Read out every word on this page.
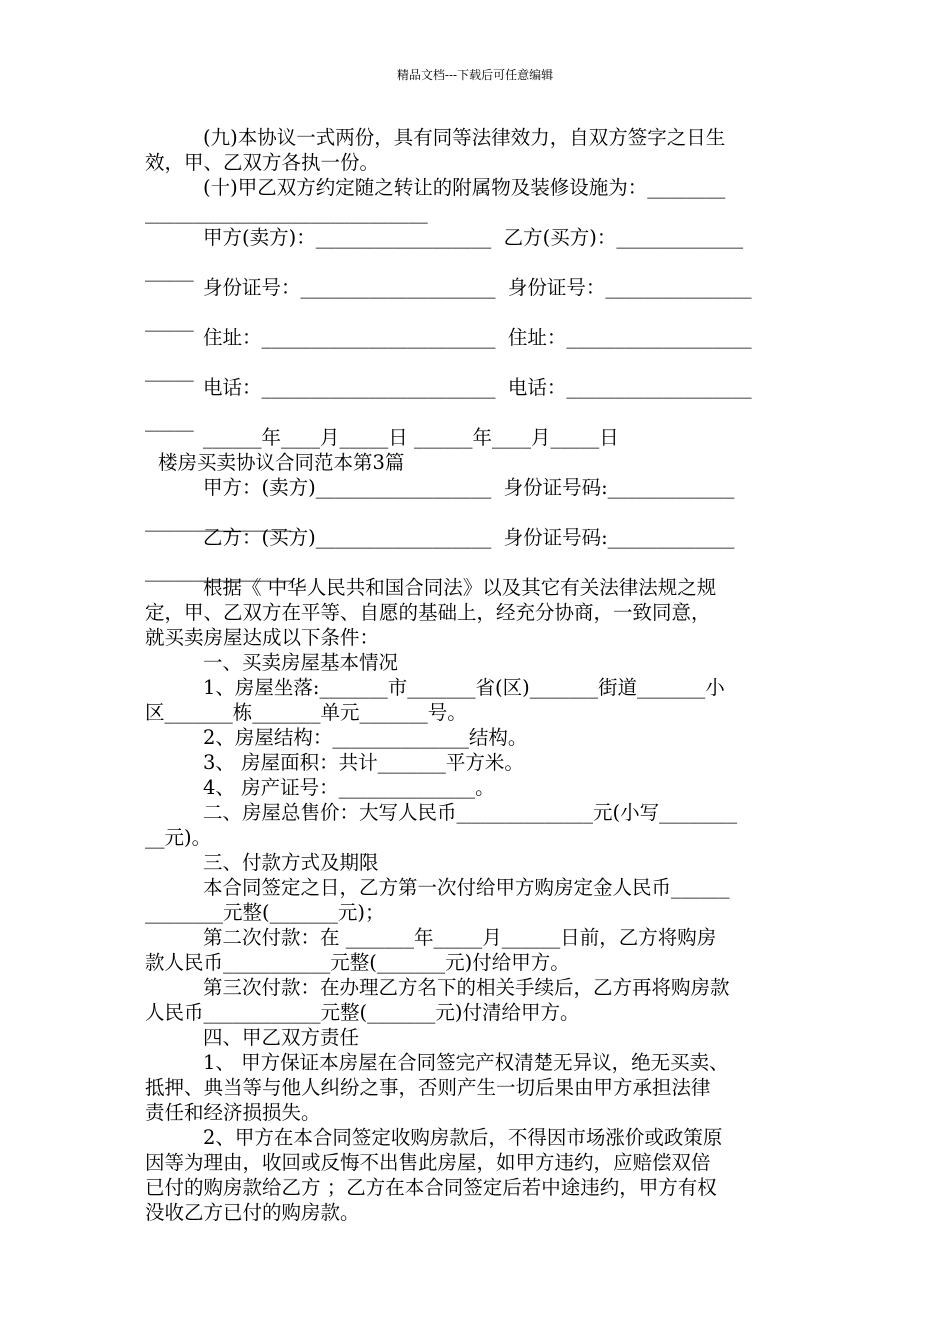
精品文档---下载后可任意编辑
(九)本协议一式两份，具有同等法律效力，自双方签字之日生
效，甲、乙双方各执一份。
(十)甲乙双方约定随之转让的附属物及装修设施为：________
_____________________________
甲方(卖方)：__________________  乙方(买方)：_____________
_____
身份证号：____________________  身份证号：_______________
_____
住址：________________________  住址：___________________
_____
电话：________________________  电话：___________________
_____
______年____月_____日 ______年____月_____日
楼房买卖协议合同范本第3篇
甲方：(卖方)__________________  身份证号码:_____________
_______________
乙方：(买方)__________________  身份证号码:_____________
_______________
根据《 中华人民共和国合同法》以及其它有关法律法规之规
定，甲、乙双方在平等、自愿的基础上，经充分协商，一致同意，
就买卖房屋达成以下条件：
一、买卖房屋基本情况
1、房屋坐落:_______市_______省(区)_______街道_______小
区_______栋_______单元_______号。
2、房屋结构：______________结构。
3、 房屋面积：共计_______平方米。
4、 房产证号：______________。
二、房屋总售价：大写人民币______________元(小写________
__元)。
三、付款方式及期限
本合同签定之日，乙方第一次付给甲方购房定金人民币______
________元整(_______元)；
第二次付款：在 _______年_____月______日前，乙方将购房
款人民币___________元整(_______元)付给甲方。
第三次付款：在办理乙方名下的相关手续后，乙方再将购房款
人民币____________元整(_______元)付清给甲方。
四、甲乙双方责任
1、 甲方保证本房屋在合同签完产权清楚无异议，绝无买卖、
抵押、典当等与他人纠纷之事，否则产生一切后果由甲方承担法律
责任和经济损损失。
2、甲方在本合同签定收购房款后，不得因市场涨价或政策原
因等为理由，收回或反悔不出售此房屋，如甲方违约，应赔偿双倍
已付的购房款给乙方 ；乙方在本合同签定后若中途违约，甲方有权
没收乙方已付的购房款。
